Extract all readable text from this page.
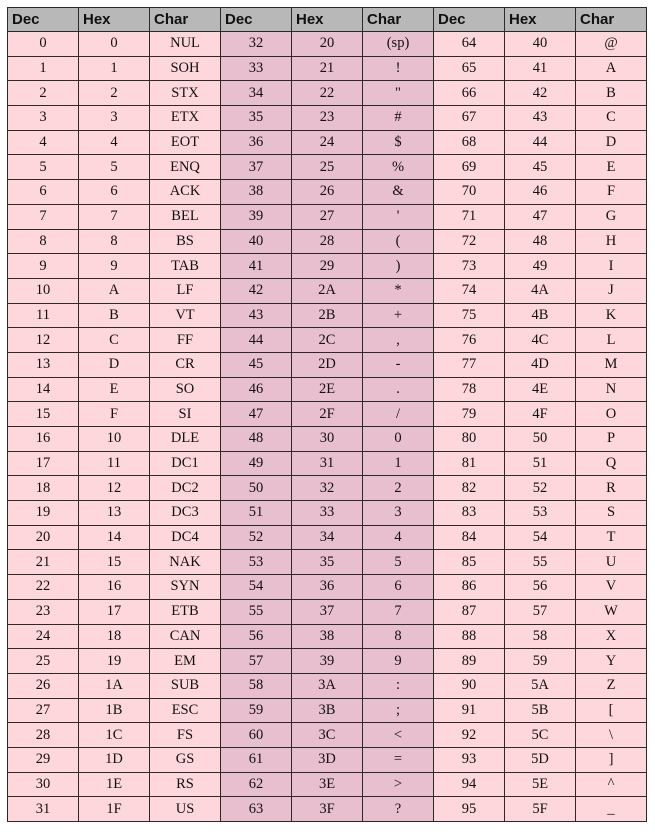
Dec	Hex	Char	Dec	Hex	Char	Dec	Hex	Char
0	0	NUL	32	20	(sp)	64	40	@
1	1	SOH	33	21	!	65	41	A
2	2	STX	34	22	"	66	42	B
3	3	ETX	35	23	#	67	43	C
4	4	EOT	36	24	$	68	44	D
5	5	ENQ	37	25	%	69	45	E
6	6	ACK	38	26	&	70	46	F
7	7	BEL	39	27	'	71	47	G
8	8	BS	40	28	(	72	48	H
9	9	TAB	41	29	)	73	49	I
10	A	LF	42	2A	*	74	4A	J
11	B	VT	43	2B	+	75	4B	K
12	C	FF	44	2C	,	76	4C	L
13	D	CR	45	2D	-	77	4D	M
14	E	SO	46	2E	.	78	4E	N
15	F	SI	47	2F	/	79	4F	O
16	10	DLE	48	30	0	80	50	P
17	11	DC1	49	31	1	81	51	Q
18	12	DC2	50	32	2	82	52	R
19	13	DC3	51	33	3	83	53	S
20	14	DC4	52	34	4	84	54	T
21	15	NAK	53	35	5	85	55	U
22	16	SYN	54	36	6	86	56	V
23	17	ETB	55	37	7	87	57	W
24	18	CAN	56	38	8	88	58	X
25	19	EM	57	39	9	89	59	Y
26	1A	SUB	58	3A	:	90	5A	Z
27	1B	ESC	59	3B	;	91	5B	[
28	1C	FS	60	3C	<	92	5C	\
29	1D	GS	61	3D	=	93	5D	]
30	1E	RS	62	3E	>	94	5E	^
31	1F	US	63	3F	?	95	5F	_
